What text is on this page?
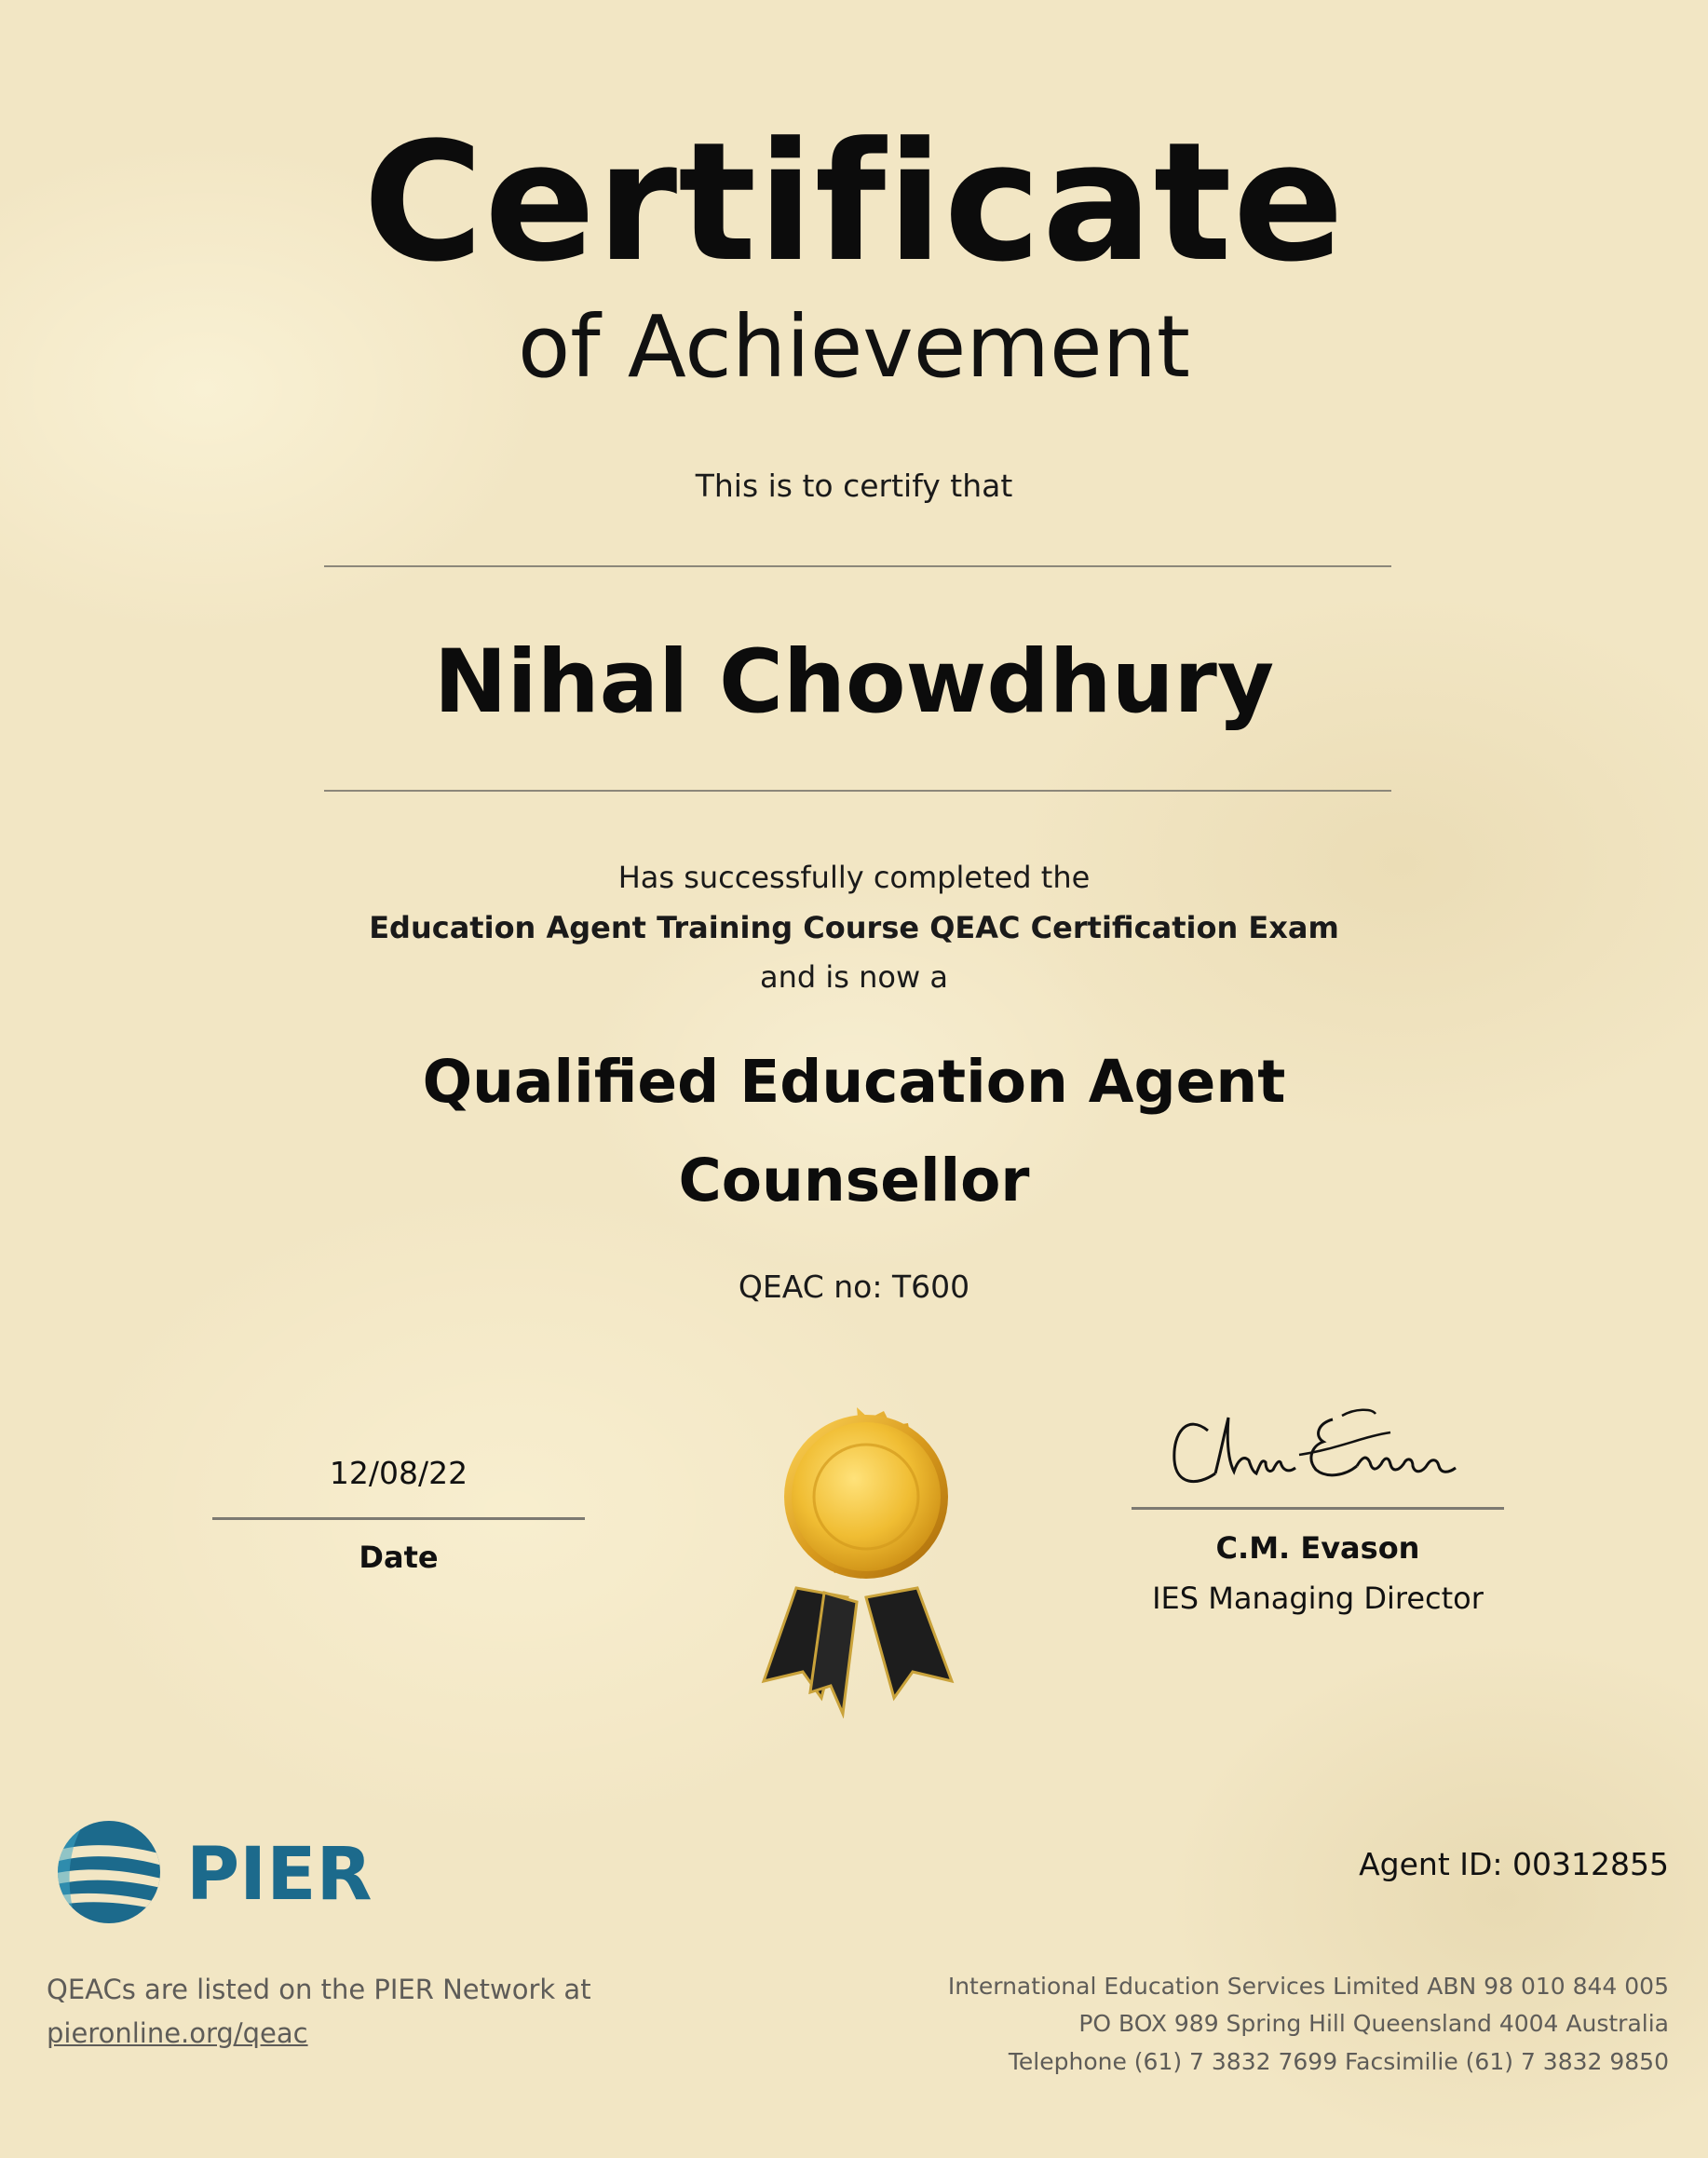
Certificate
of Achievement
This is to certify that
Nihal Chowdhury
Has successfully completed the
Education Agent Training Course QEAC Certification Exam
and is now a
Qualified Education Agent
Counsellor
QEAC no: T600
12/08/22
Date	C.M. Evason
IES Managing Director
PIER	Agent ID: 00312855
QEACs are listed on the PIER Network at
pieronline.org/qeac
International Education Services Limited ABN 98 010 844 005
PO BOX 989 Spring Hill Queensland 4004 Australia
Telephone (61) 7 3832 7699 Facsimilie (61) 7 3832 9850
